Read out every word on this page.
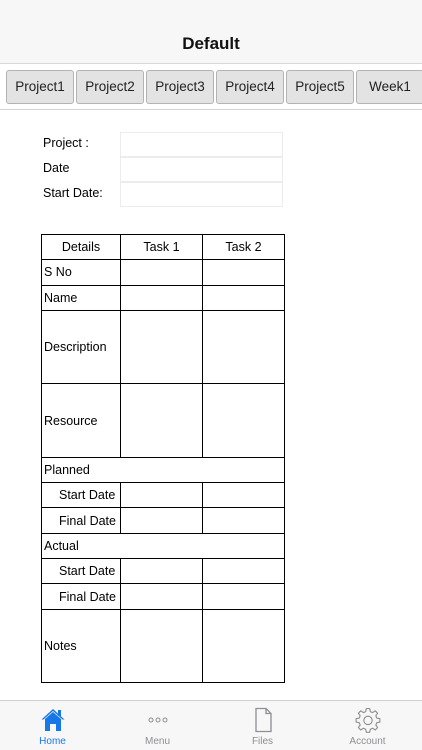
Default
Project1	Project2	Project3	Project4	Project5	Week1
Project :
Date
Start Date:
Details	Task 1	Task 2
S No		
Name		
Description		
Resource		
Planned		
Start Date		
Final Date		
Actual		
Start Date		
Final Date		
Notes		
Home	Menu	Files	Account
